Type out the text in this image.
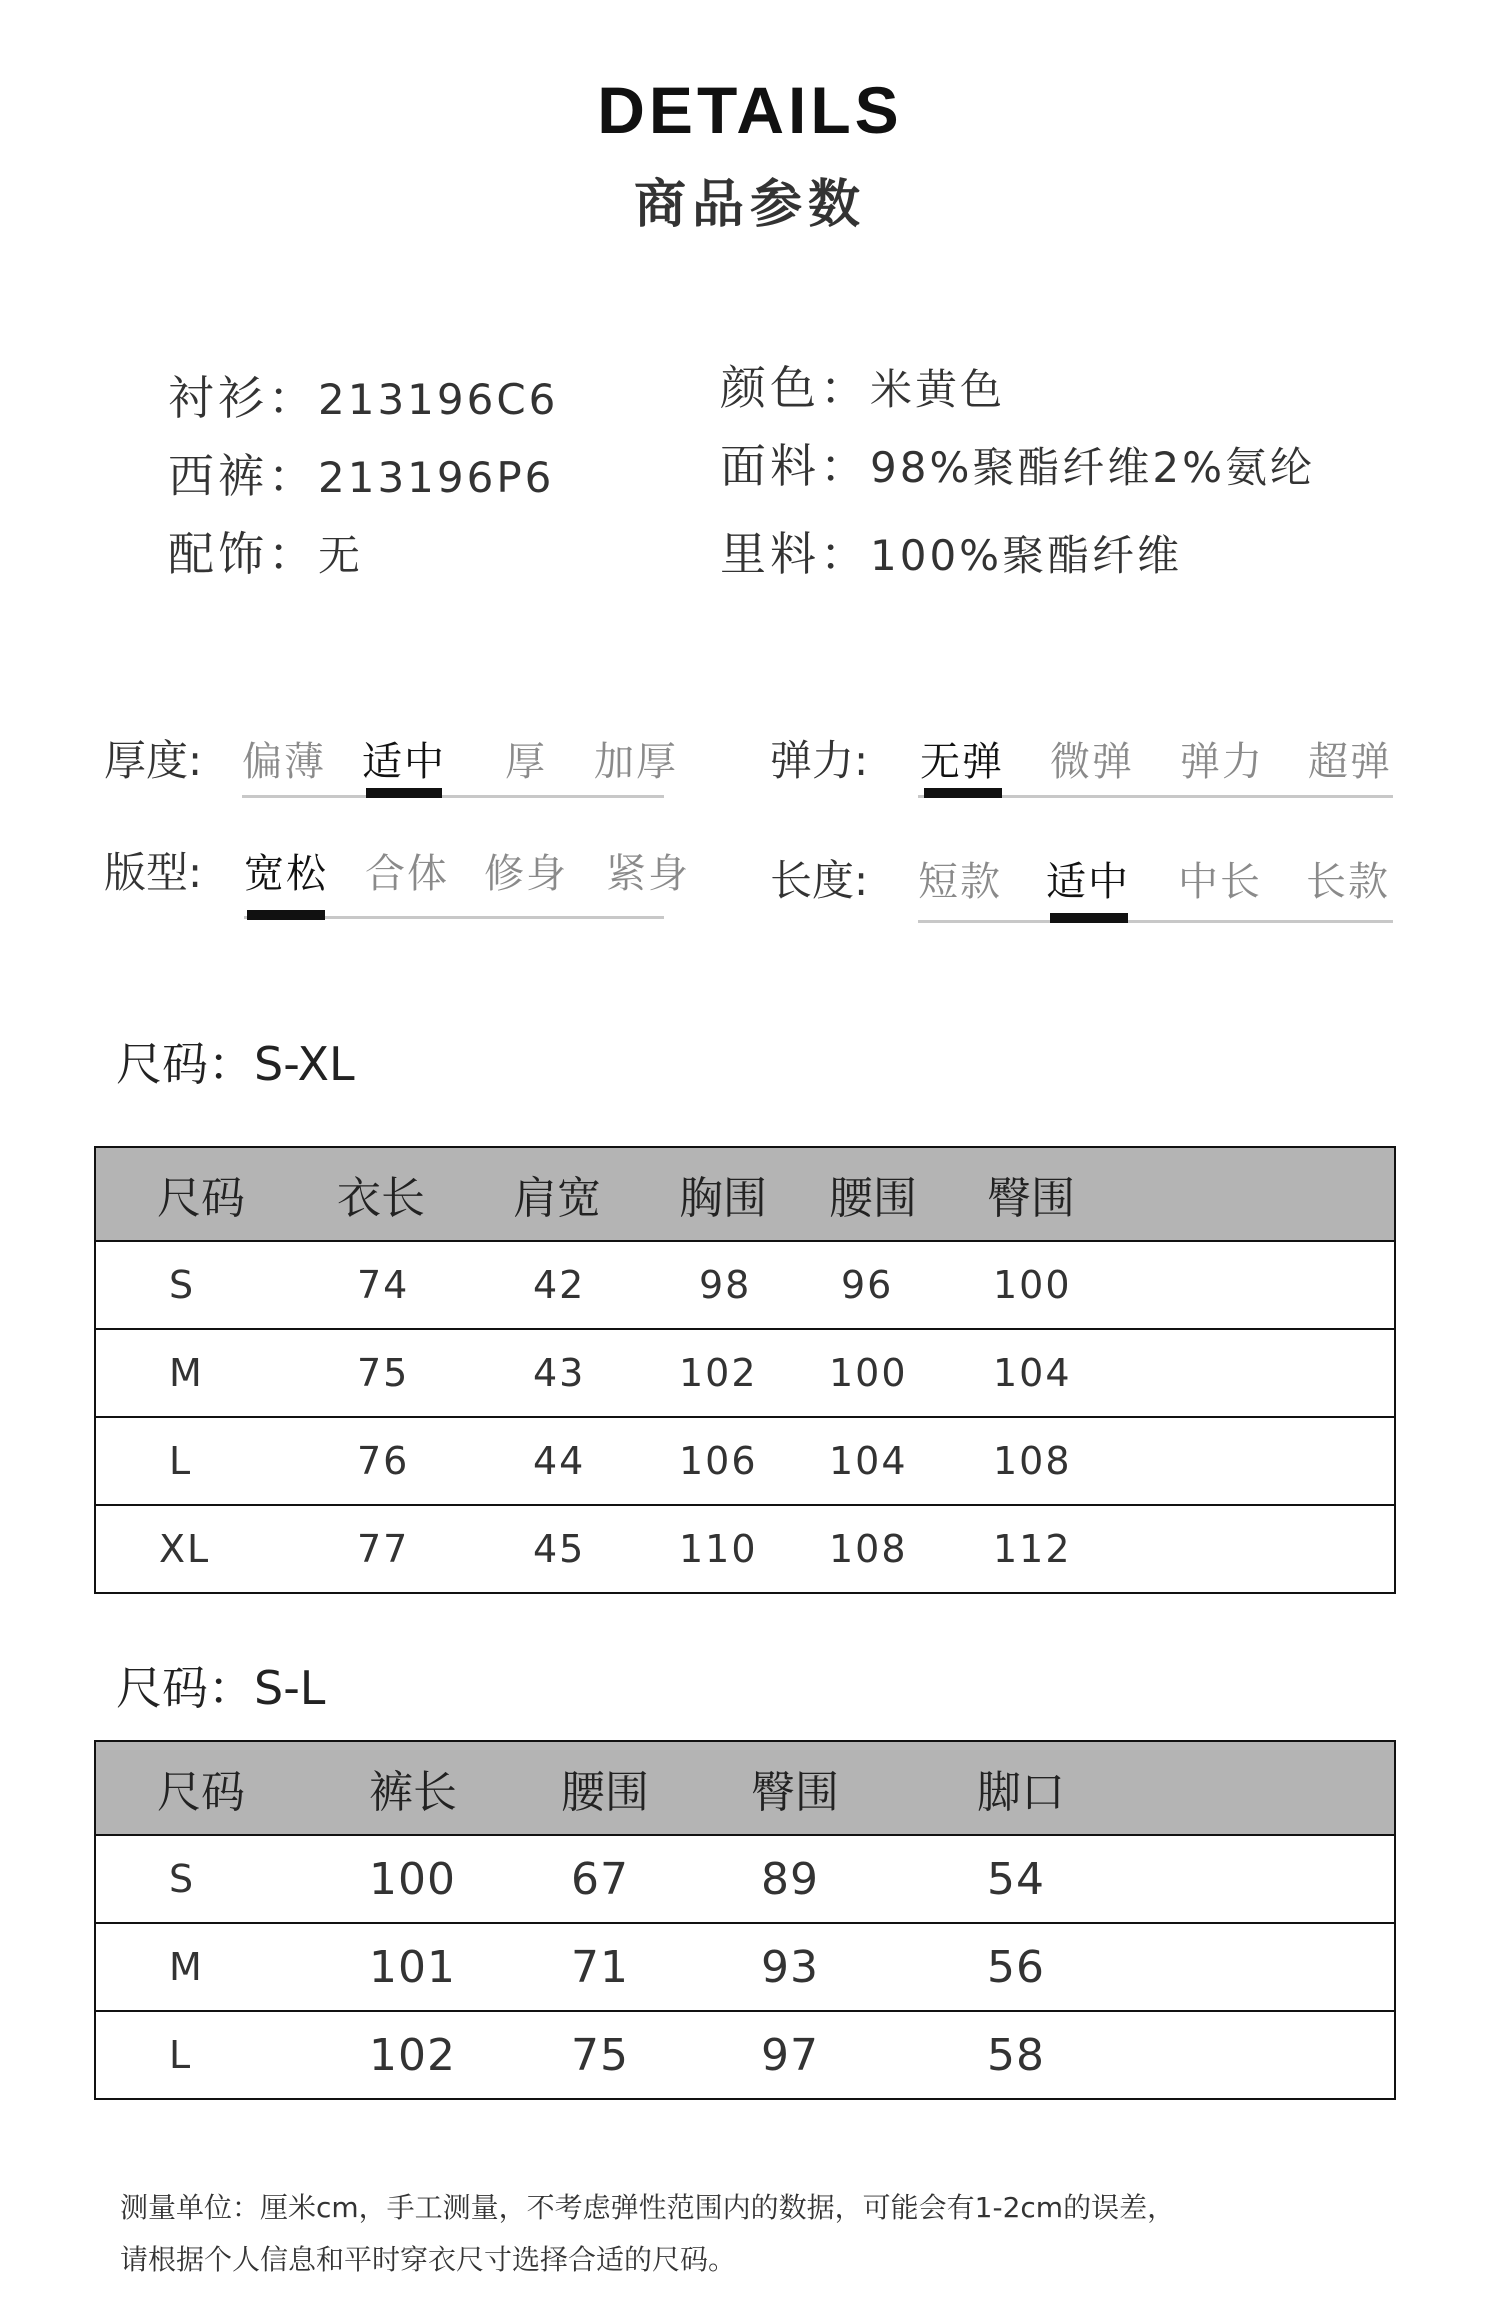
DETAILS
商品参数
衬衫：213196C6
西裤：213196P6
配饰：无
颜色：米黄色
面料：98%聚酯纤维2%氨纶
里料：100%聚酯纤维
厚度: 偏薄 适中 厚 加厚 弹力: 无弹 微弹 弹力 超弹
版型: 宽松 合体 修身 紧身 长度: 短款 适中 中长 长款
尺码：S-XL
	尺码	衣长	肩宽	胸围	腰围	臀围
	S	74	42	98	96	100
	M	75	43	102	100	104
	L	76	44	106	104	108
	XL	77	45	110	108	112
尺码：S-L
	尺码	裤长	腰围	臀围	脚口
	S	100	67	89	54
	M	101	71	93	56
	L	102	75	97	58
测量单位：厘米cm，手工测量，不考虑弹性范围内的数据，可能会有1-2cm的误差，
请根据个人信息和平时穿衣尺寸选择合适的尺码。
